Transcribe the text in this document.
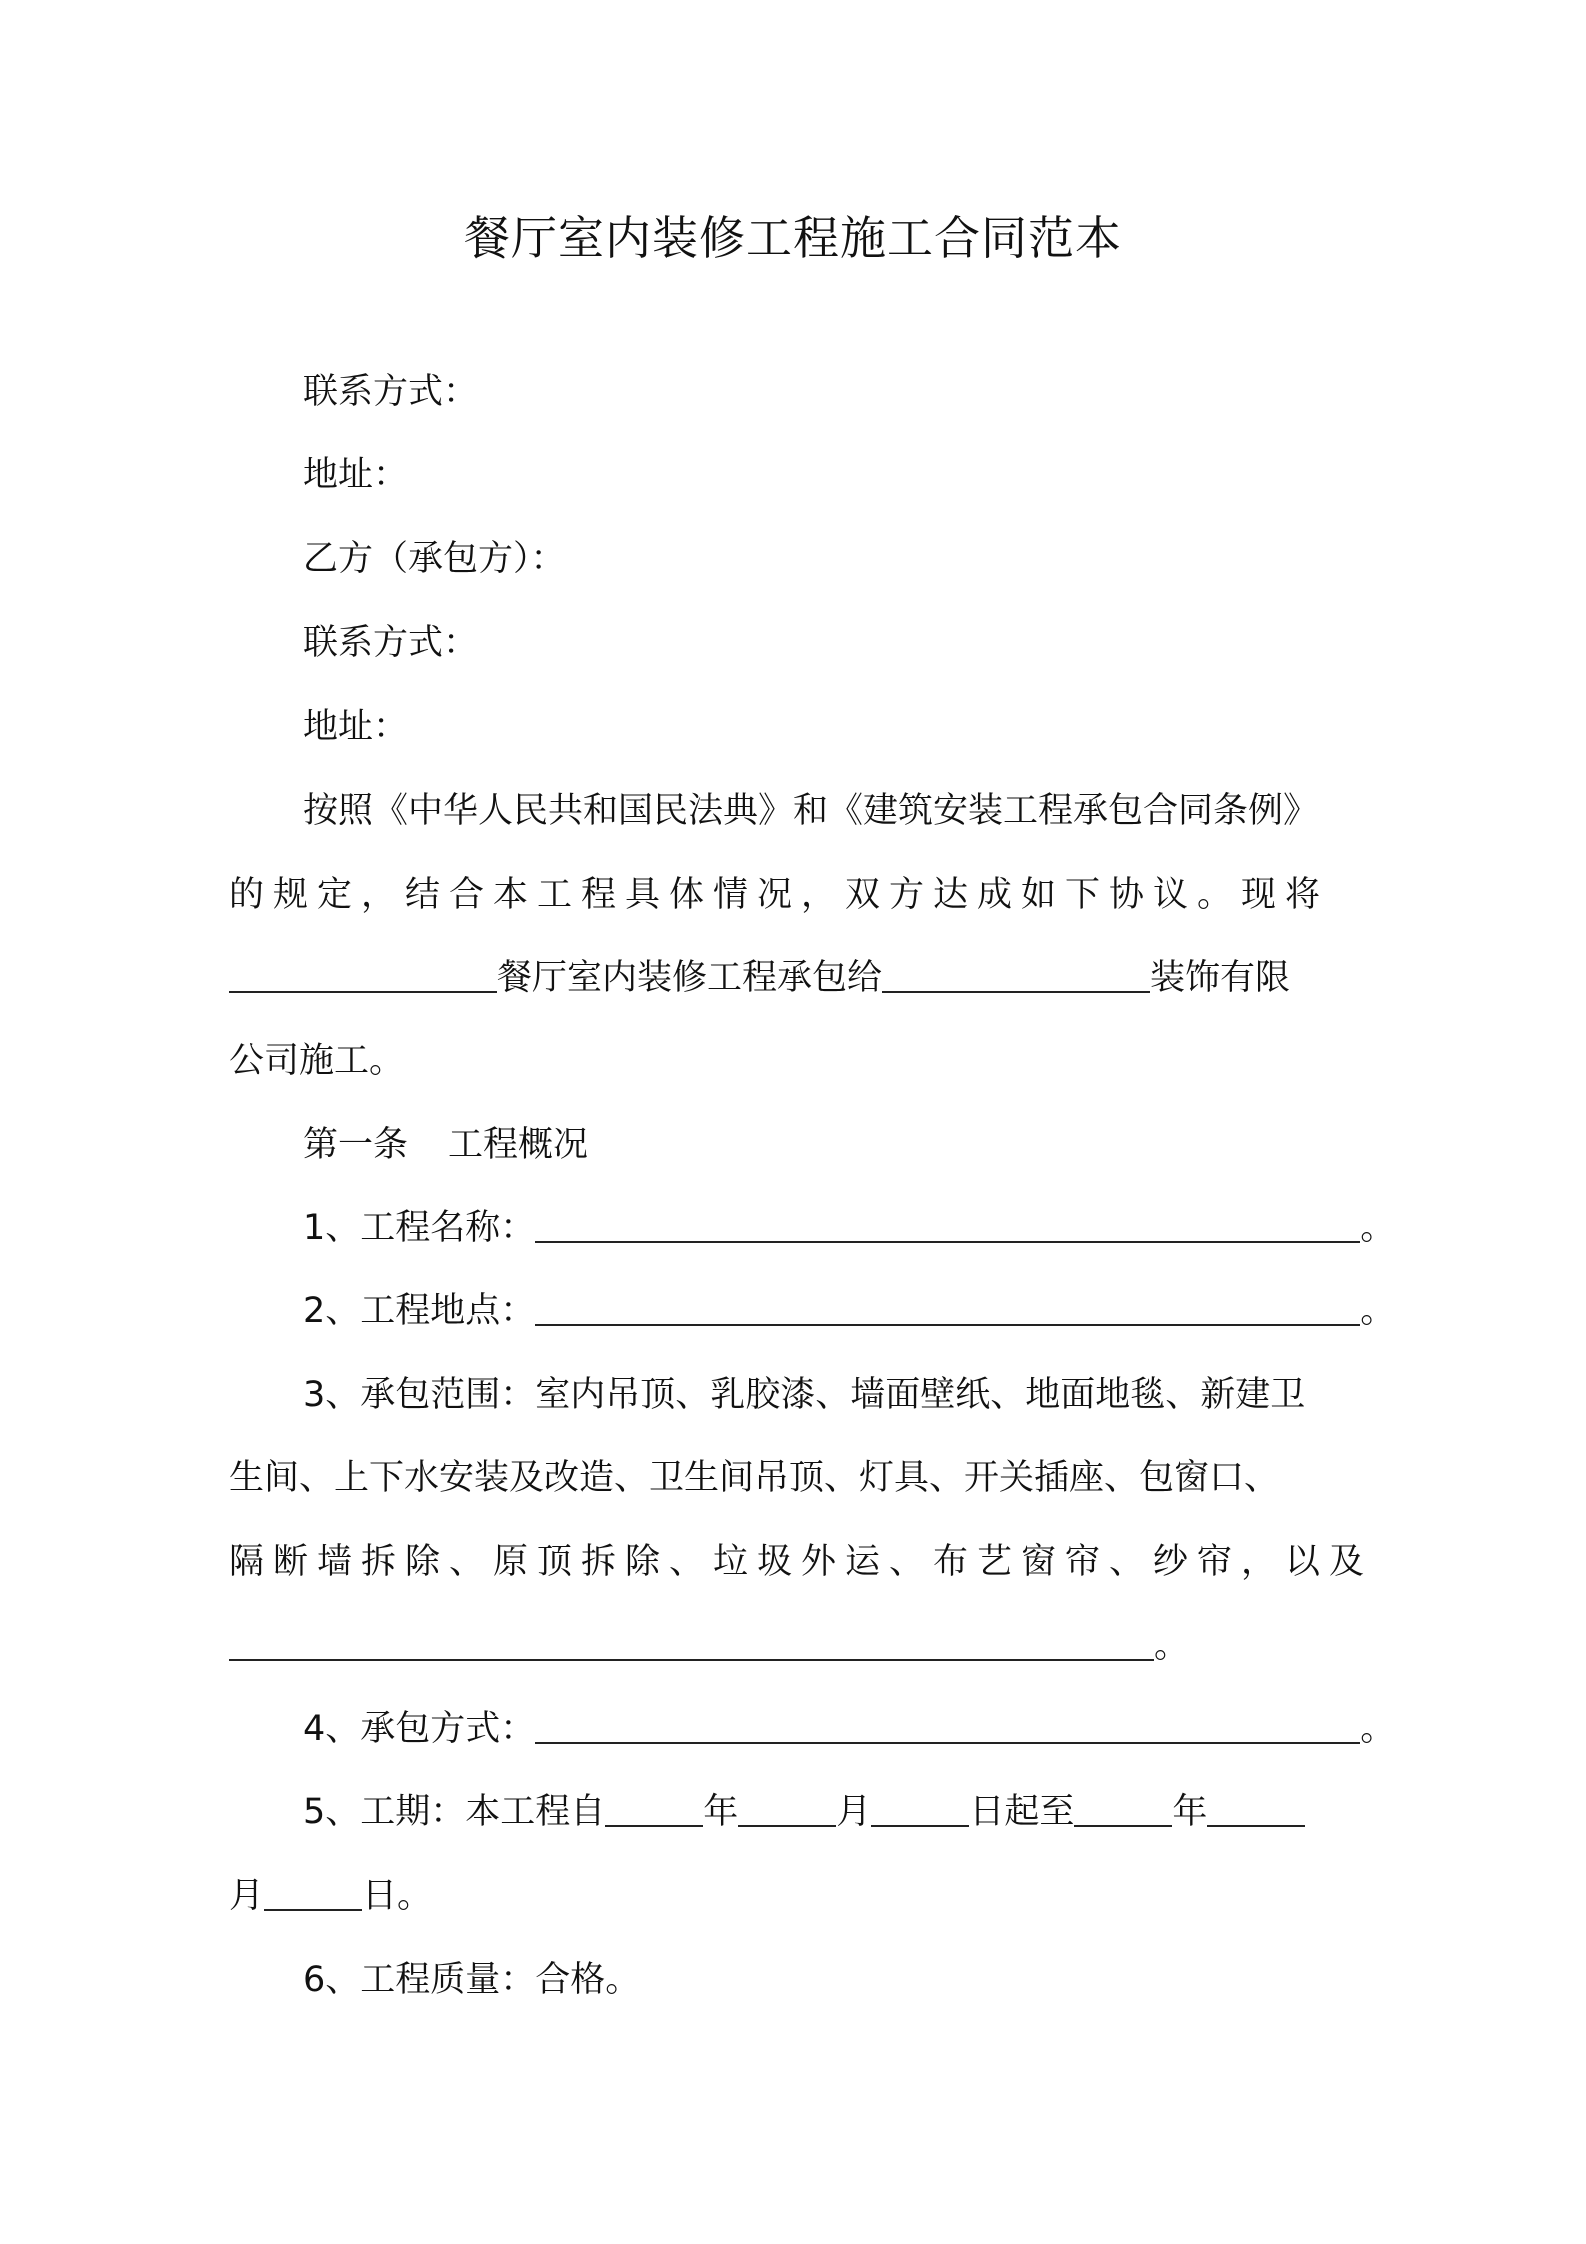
餐厅室内装修工程施工合同范本
联系方式：
地址：
乙方（承包方）：
联系方式：
地址：
按照《中华人民共和国民法典》和《建筑安装工程承包合同条例》
的规定，结合本工程具体情况，双方达成如下协议。现将
餐厅室内装修工程承包给	装饰有限
公司施工。
第一条 工程概况
1、工程名称：	。
2、工程地点：	。
3、承包范围：室内吊顶、乳胶漆、墙面壁纸、地面地毯、新建卫
生间、上下水安装及改造、卫生间吊顶、灯具、开关插座、包窗口、
隔断墙拆除、原顶拆除、垃圾外运、布艺窗帘、纱帘，以及
。
4、承包方式：	。
5、工期：本工程自	年	月	日起至	年
月	日。
6、工程质量：合格。
